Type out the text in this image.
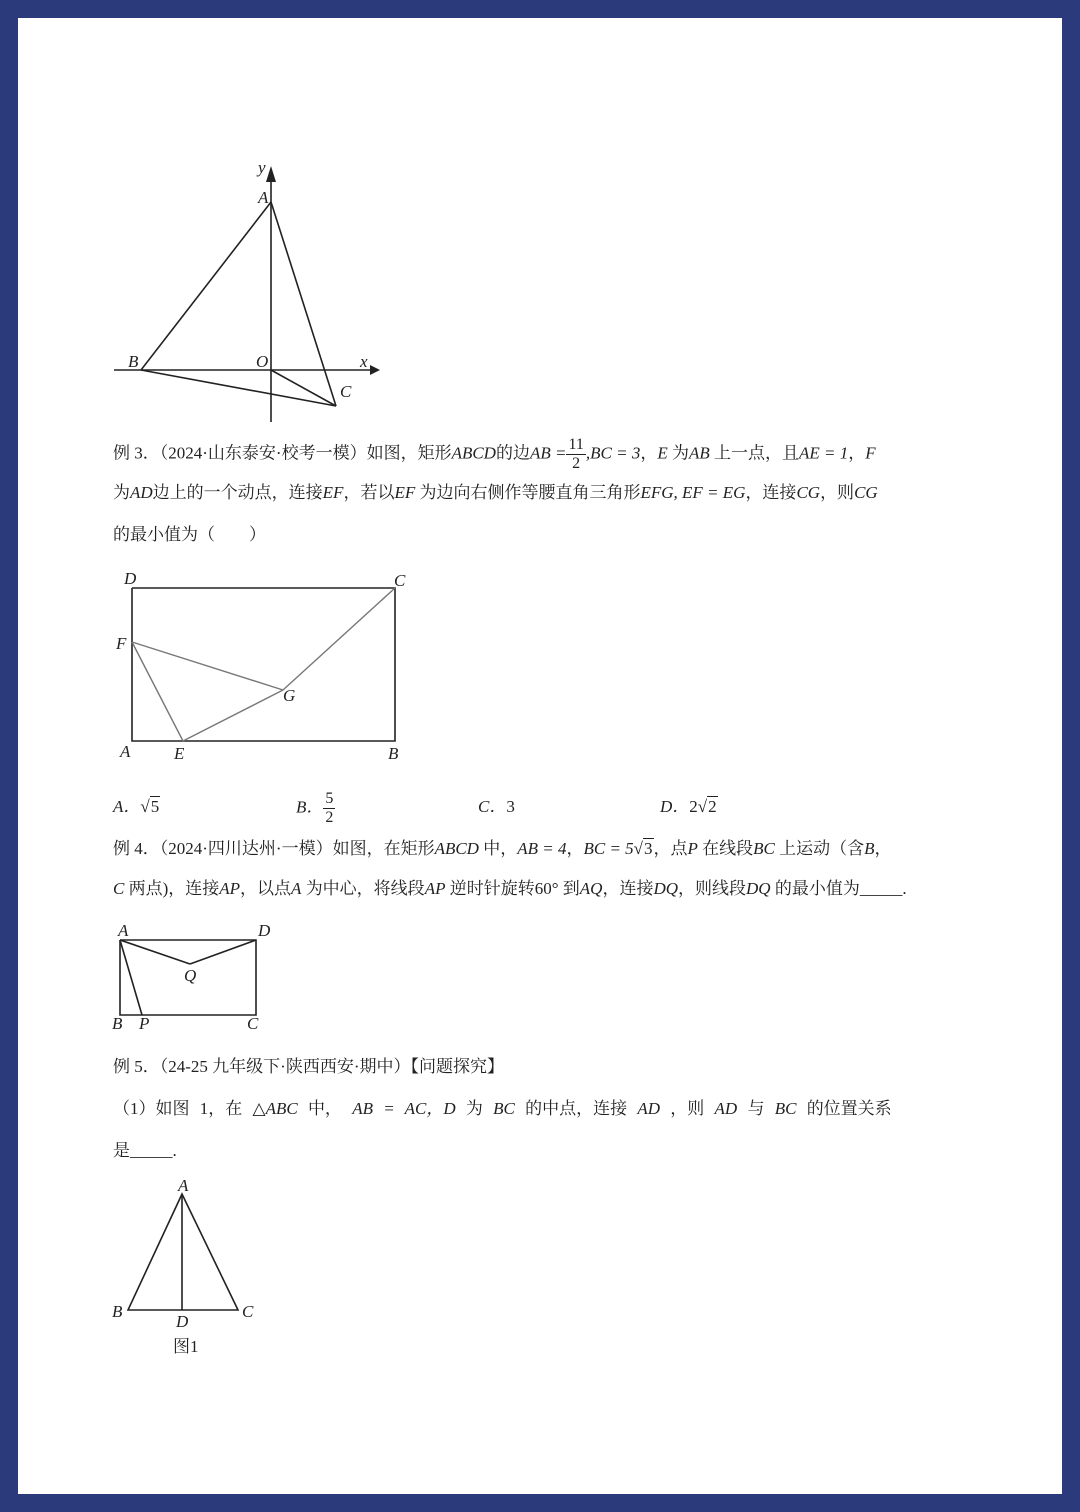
y
A
B	O	x
C
例 3．（2024·山东泰安·校考一模）如图，矩形ABCD的边AB = $\frac{11}{2} ,BC = 3$，E 为AB 上一点，且AE = 1，F
为AD边上的一个动点，连接EF，若以EF 为边向右侧作等腰直角三角形EFG, EF = EG，连接CG，则CG
的最小值为（　　）
D	C
F
G
A	E	B
A．√5	B． $\frac{5}{2}$	C．3	D．2√2
例 4．（2024·四川达州·一模）如图，在矩形ABCD 中，AB = 4，BC = 5√3，点P 在线段BC 上运动（含B，
C 两点)，连接AP，以点A 为中心，将线段AP 逆时针旋转60° 到AQ，连接DQ，则线段DQ 的最小值为_____.
A	D
Q
B P	C
例 5．（24-25 九年级下·陕西西安·期中）【问题探究】
（1）如图 1，在 △ABC 中， AB = AC，D 为 BC 的中点，连接 AD ，则 AD 与 BC 的位置关系
是_____.
A
B	C
D
图1
